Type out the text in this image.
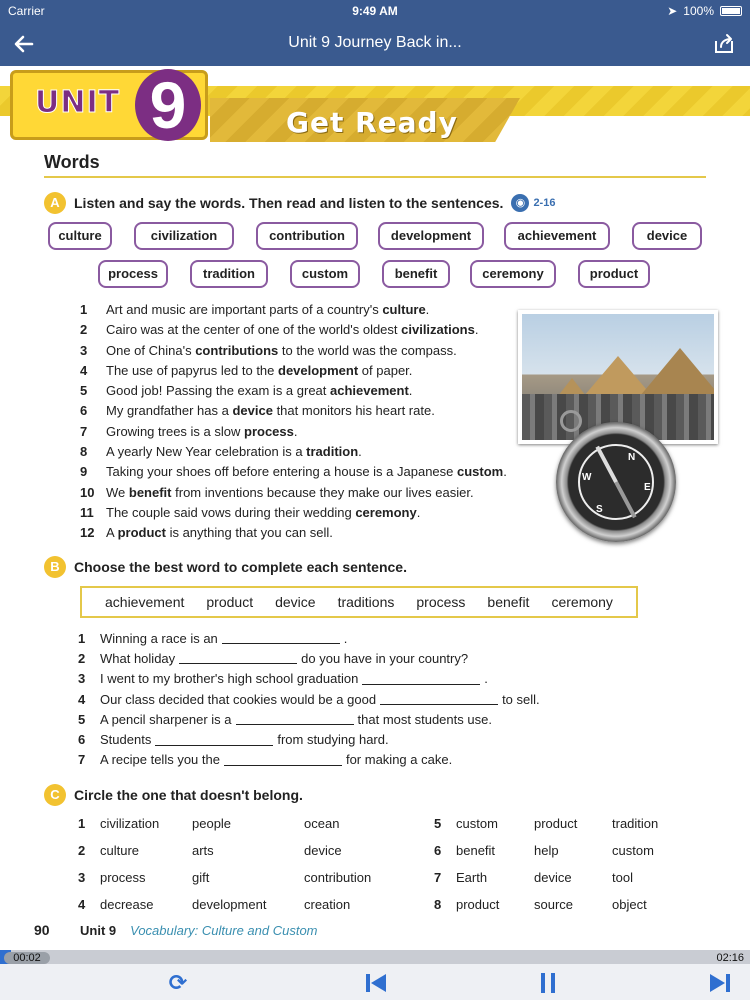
Carrier	9:49 AM	➤ 100%
Unit 9 Journey Back in...
Get Ready
UNIT 9
Words
A	Listen and say the words. Then read and listen to the sentences.	◉ 2-16
culture	civilization	contribution	development	achievement	device
process	tradition	custom	benefit	ceremony	product
1	Art and music are important parts of a country's culture.
2	Cairo was at the center of one of the world's oldest civilizations.
3	One of China's contributions to the world was the compass.
4	The use of papyrus led to the development of paper.
5	Good job! Passing the exam is a great achievement.
6	My grandfather has a device that monitors his heart rate.
7	Growing trees is a slow process.
8	A yearly New Year celebration is a tradition.
9	Taking your shoes off before entering a house is a Japanese custom.
10 We benefit from inventions because they make our lives easier.
11 The couple said vows during their wedding ceremony.
12 A product is anything that you can sell.
N
E
S
W
B	Choose the best word to complete each sentence.
achievement product device traditions process benefit ceremony
1	Winning a race is an	.
2	What holiday	do you have in your country?
3	I went to my brother's high school graduation	.
4	Our class decided that cookies would be a good	to sell.
5	A pencil sharpener is a	that most students use.
6	Students	from studying hard.
7	A recipe tells you the	for making a cake.
C	Circle the one that doesn't belong.
1	civilization	people	ocean
2	culture	arts	device
3	process	gift	contribution
4	decrease	development	creation
5	custom	product	tradition
6	benefit	help	custom
7	Earth	device	tool
8	product	source	object
90	Unit 9 Vocabulary: Culture and Custom
00:02	02:16
⟳
